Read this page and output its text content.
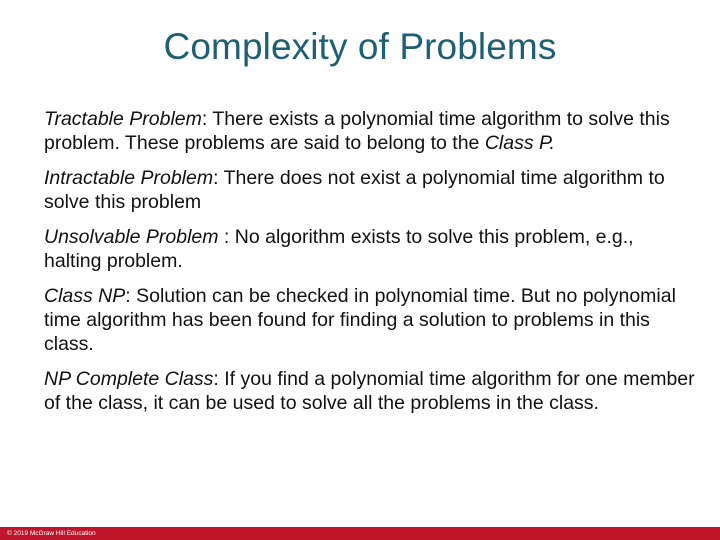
Complexity of Problems

Tractable Problem: There exists a polynomial time algorithm to solve this problem. These problems are said to belong to the Class P.

Intractable Problem: There does not exist a polynomial time algorithm to solve this problem

Unsolvable Problem : No algorithm exists to solve this problem, e.g., halting problem.

Class NP: Solution can be checked in polynomial time. But no polynomial time algorithm has been found for finding a solution to problems in this class.

NP Complete Class: If you find a polynomial time algorithm for one member of the class, it can be used to solve all the problems in the class.

© 2019 McGraw Hill Education
